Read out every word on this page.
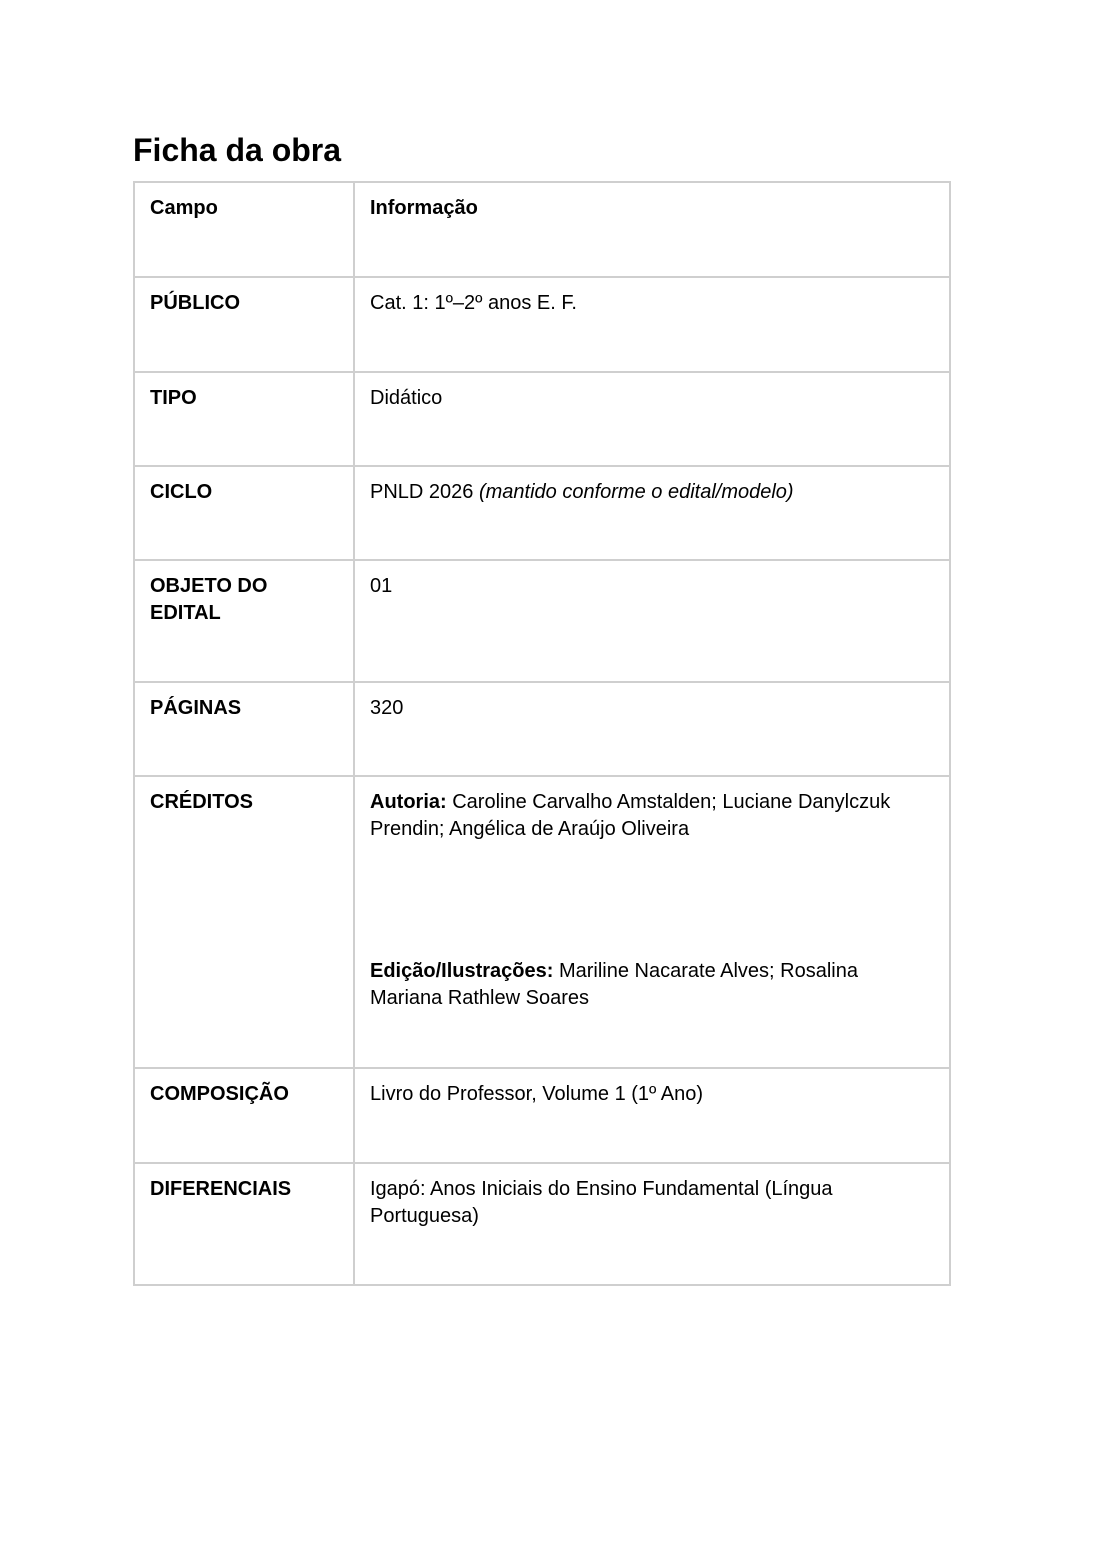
Ficha da obra
Campo	Informação
PÚBLICO	Cat. 1: 1º–2º anos E. F.
TIPO	Didático
CICLO	PNLD 2026 (mantido conforme o edital/modelo)
OBJETO DO EDITAL	01
PÁGINAS	320
CRÉDITOS	Autoria: Caroline Carvalho Amstalden; Luciane Danylczuk Prendin; Angélica de Araújo Oliveira
Edição/Ilustrações: Mariline Nacarate Alves; Rosalina Mariana Rathlew Soares

COMPOSIÇÃO	Livro do Professor, Volume 1 (1º Ano)
DIFERENCIAIS	Igapó: Anos Iniciais do Ensino Fundamental (Língua Portuguesa)
